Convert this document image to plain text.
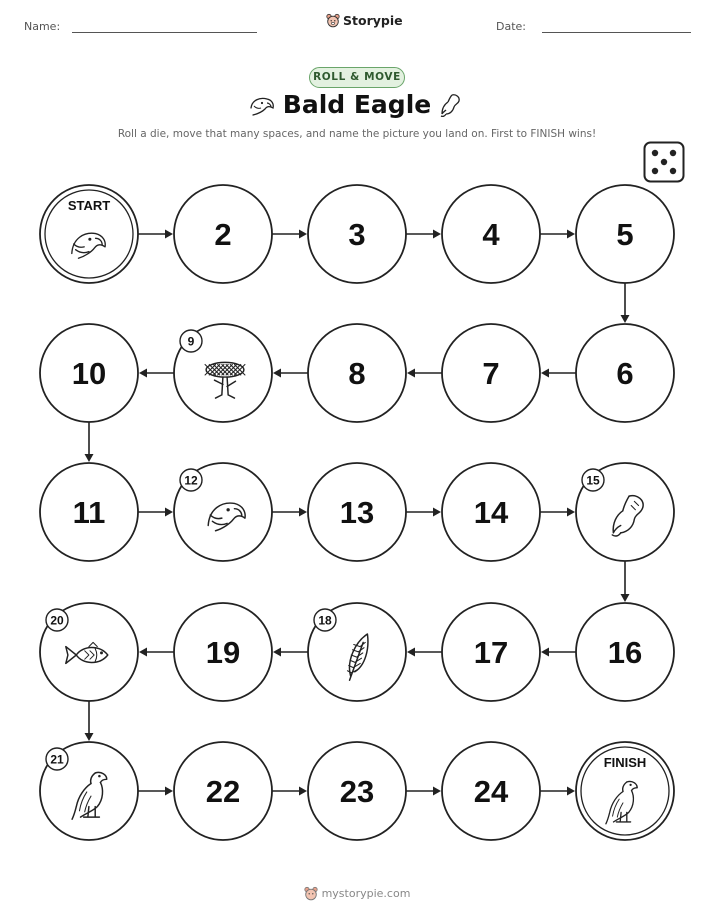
Name:	Storypie	Date:
ROLL & MOVE
Bald Eagle
Roll a die, move that many spaces, and name the picture you land on. First to FINISH wins!
START
2	3	4	5
6
7
8
9
10
11
12
13	14
15
16
17
18
19
20
21
22	23	24
FINISH
mystorypie.com
